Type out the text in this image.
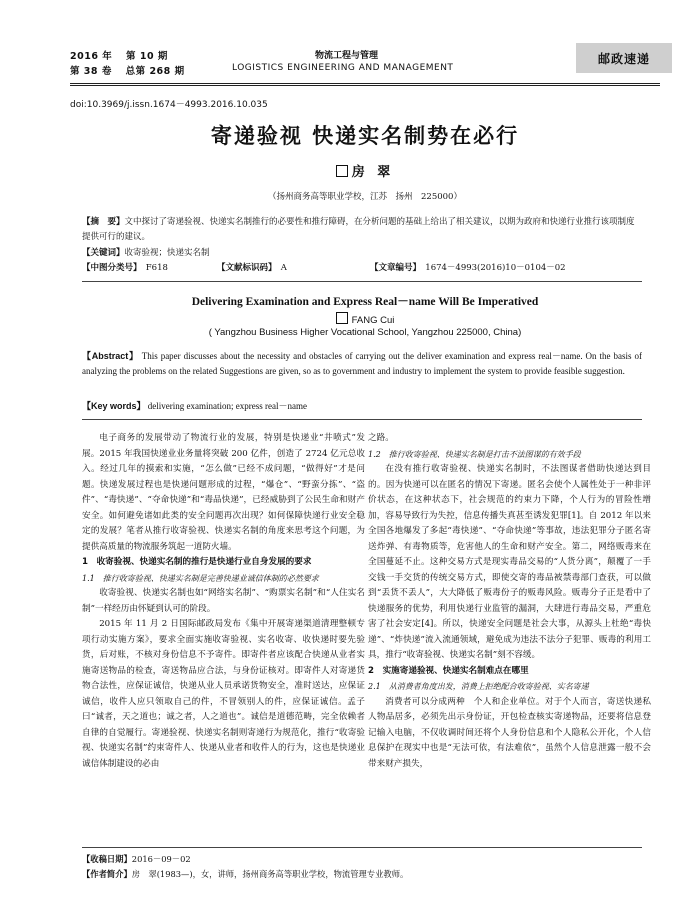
2016 年　 第 10 期
第 38 卷　 总第 268 期
物流工程与管理
LOGISTICS ENGINEERING AND MANAGEMENT
邮政速递
doi:10.3969/j.issn.1674－4993.2016.10.035
寄递验视 快递实名制势在必行
房 翠
（扬州商务高等职业学校，江苏　扬州　225000）
【摘　要】文中探讨了寄递验视、快递实名制推行的必要性和推行障碍，在分析问题的基础上给出了相关建议，以期为政府和快递行业推行该项制度提供可行的建议。
【关键词】收寄验视；快递实名制
【中图分类号】　 F618	【文献标识码】　 A	【文章编号】　 1674－4993(2016)10－0104－02
Delivering Examination and Express Real－name Will Be Imperatived
FANG Cui
( Yangzhou Business Higher Vocational School, Yangzhou 225000, China)
【Abstract】 This paper discusses about the necessity and obstacles of carrying out the deliver examination and express real－name. On the basis of analyzing the problems on the related Suggestions are given, so as to government and industry to implement the system to provide feasible suggestion.
【Key words】 delivering examination; express real－name

电子商务的发展带动了物流行业的发展，特别是快递业“井喷式”发展。2015 年我国快递业业务量将突破 200 亿件，创造了 2724 亿元总收入。经过几年的摸索和实施，“怎么做”已经不成问题，“做得好”才是问题。快递发展过程也是快递问题形成的过程，“爆仓”、“野蛮分拣”、“盗件”、“毒快递”、“夺命快递”和“毒品快递”，已经威胁到了公民生命和财产安全。如何避免诸如此类的安全问题再次出现？如何保障快递行业安全稳定的发展？笔者从推行收寄验视、快递实名制的角度来思考这个问题，为提供高质量的物流服务筑起一道防火墙。

1　收寄验视、快递实名制的推行是快递行业自身发展的要求
1.1　推行收寄验视、快递实名制是完善快递业诚信体制的必然要求

收寄验视、快递实名制也如“网络实名制”、“购票实名制”和“人住实名制”一样经历由怀疑到认可的阶段。

2015 年 11 月 2 日国际邮政局发布《集中开展寄递渠道清理整顿专项行动实施方案》，要求全面实施收寄验视、实名收寄、收快递时要先验货，后对账，不核对身份信息不予寄件。即寄件者应该配合快递从业者实施寄送物品的检查，寄送物品应合法，与身份证核对。即寄件人对寄递货物合法性，应保证诚信，快递从业人员承诺货物安全，准时送达，应保证诚信，收件人应只领取自己的件，不冒领别人的件，应保证诚信。孟子曰“诚者，天之道也；诚之者，人之道也”。诚信是道德范畴，完全依赖者自律的自觉履行。寄递验视、快递实名制则寄递行为规范化，推行“收寄验视、快递实名制”约束寄件人、快递从业者和收件人的行为，这也是快递业诚信体制建设的必由

之路。

1.2　推行收寄验视、快递实名制是打击不法图谋的有效手段

在没有推行收寄验视、快递实名制时，不法图谋者借助快递达到目的。因为快递可以在匿名的情况下寄递。匿名会使个人属性处于一种非评价状态，在这种状态下，社会规范的约束力下降，个人行为的冒险性增加，容易导致行为失控，信息传播失真甚至诱发犯罪[1]。自 2012 年以来全国各地爆发了多起“毒快递”、“夺命快递”等事故，违法犯罪分子匿名寄送炸弹、有毒物质等，危害他人的生命和财产安全。第二，网络贩毒来在全国蔓延不止。这种交易方式是现实毒品交易的“人货分离”，颠覆了一手交钱一手交货的传统交易方式，即使交寄的毒品被禁毒部门查获，可以做到“丢货不丢人”，大大降低了贩毒份子的贩毒风险。贩毒分子正是看中了快递服务的优势，利用快递行业监管的漏洞，大肆进行毒品交易，严重危害了社会安定[4]。所以，快递安全问题是社会大事，从源头上杜绝“毒快递”、“炸快递”流入流通领域，避免成为违法不法分子犯罪、贩毒的利用工具，推行“收寄验视、快递实名制”刻不容缓。

2　实施寄递验视、快递实名制难点在哪里
2.1　从消费者角度出发，消费上拒绝配合收寄验视、实名寄递

消费者可以分成两种　个人和企业单位。对于个人而言，寄送快递私人物品居多，必须先出示身份证，开包检查核实寄递物品，还要将信息登记输入电脑，不仅收调时间还将个人身份信息和个人隐私公开化，个人信息保护在现实中也是“无法可依，有法难依”，虽然个人信息泄露一般不会带来财产损失，

【收稿日期】2016－09－02
【作者简介】房　翠(1983—)，女，讲师，扬州商务高等职业学校，物流管理专业教师。
